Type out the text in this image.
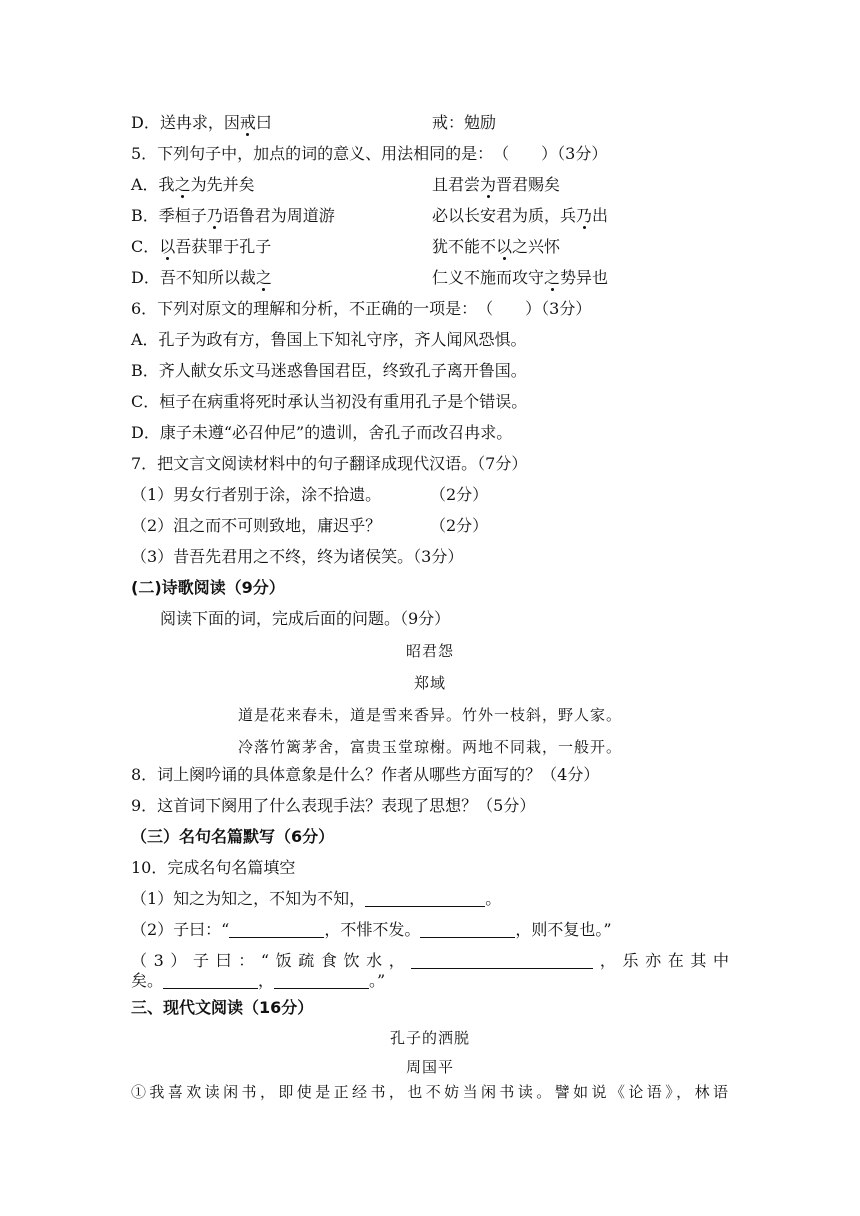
D．送冉求，因戒曰	戒：勉励
5．下列句子中，加点的词的意义、用法相同的是：　（　　）（3分）
A．我之为先并矣	且君尝为晋君赐矣
B．季桓子乃语鲁君为周道游	必以长安君为质，兵乃出
C．以吾获罪于孔子	犹不能不以之兴怀
D．吾不知所以裁之	仁义不施而攻守之势异也
6．下列对原文的理解和分析，不正确的一项是：　（　　）（3分）
A．孔子为政有方，鲁国上下知礼守序，齐人闻风恐惧。
B．齐人献女乐文马迷惑鲁国君臣，终致孔子离开鲁国。
C．桓子在病重将死时承认当初没有重用孔子是个错误。
D．康子未遵“必召仲尼”的遗训，舍孔子而改召冉求。
7．把文言文阅读材料中的句子翻译成现代汉语。（7分）
（1）男女行者别于涂，涂不拾遗。	（2分）
（2）沮之而不可则致地，庸迟乎？	（2分）
（3）昔吾先君用之不终，终为诸侯笑。（3分）
(二)诗歌阅读（9分）
阅读下面的词，完成后面的问题。（9分）
昭君怨
郑域
道是花来春未，道是雪来香异。竹外一枝斜，野人家。
冷落竹篱茅舍，富贵玉堂琼榭。两地不同栽，一般开。
8．词上阕吟诵的具体意象是什么？作者从哪些方面写的？（4分）
9．这首词下阕用了什么表现手法？表现了思想？（5分）
（三）名句名篇默写（6分）
10．完成名句名篇填空
（1）知之为知之，不知为不知，	。
（2）子曰：“	，不悱不发。	，则不复也。”
（3）子曰：“饭疏食饮水，	，乐亦在其中
矣。	，	。”
三、现代文阅读（16分）
孔子的洒脱
周国平
①我喜欢读闲书，即使是正经书，也不妨当闲书读。譬如说《论语》，林语
